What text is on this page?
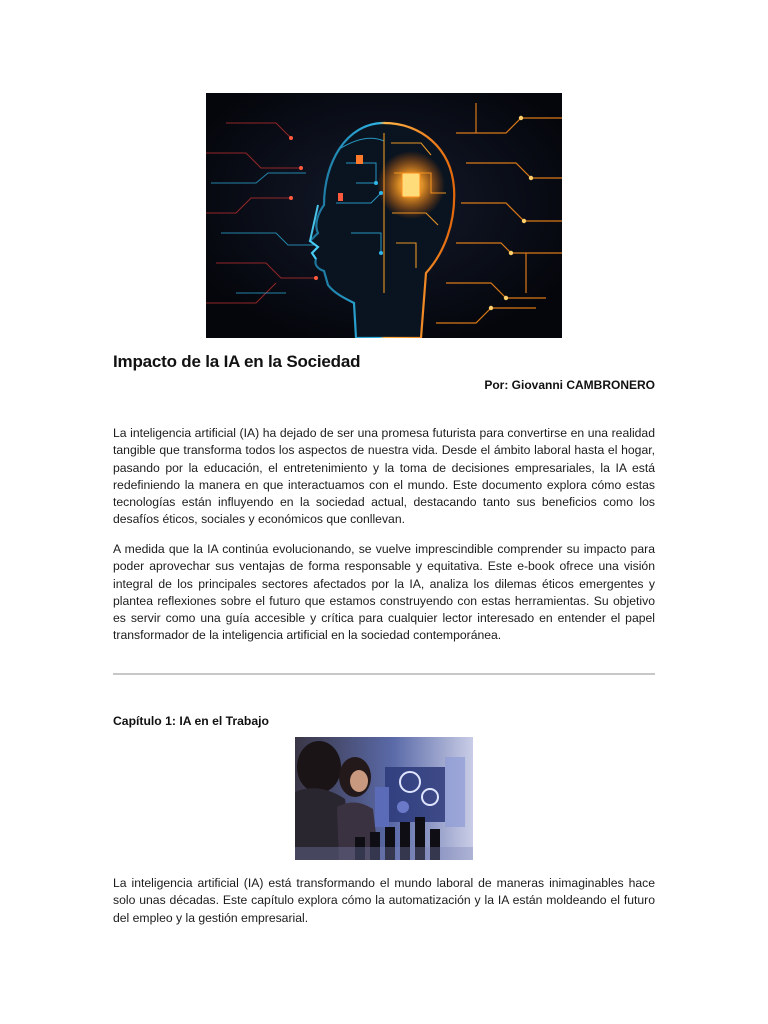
Impacto de la IA en la Sociedad
Por: Giovanni CAMBRONERO
La inteligencia artificial (IA) ha dejado de ser una promesa futurista para convertirse en una realidad tangible que transforma todos los aspectos de nuestra vida. Desde el ámbito laboral hasta el hogar, pasando por la educación, el entretenimiento y la toma de decisiones empresariales, la IA está redefiniendo la manera en que interactuamos con el mundo. Este documento explora cómo estas tecnologías están influyendo en la sociedad actual, destacando tanto sus beneficios como los desafíos éticos, sociales y económicos que conllevan.
A medida que la IA continúa evolucionando, se vuelve imprescindible comprender su impacto para poder aprovechar sus ventajas de forma responsable y equitativa. Este e-book ofrece una visión integral de los principales sectores afectados por la IA, analiza los dilemas éticos emergentes y plantea reflexiones sobre el futuro que estamos construyendo con estas herramientas. Su objetivo es servir como una guía accesible y crítica para cualquier lector interesado en entender el papel transformador de la inteligencia artificial en la sociedad contemporánea.
Capítulo 1: IA en el Trabajo
La inteligencia artificial (IA) está transformando el mundo laboral de maneras inimaginables hace solo unas décadas. Este capítulo explora cómo la automatización y la IA están moldeando el futuro del empleo y la gestión empresarial.
